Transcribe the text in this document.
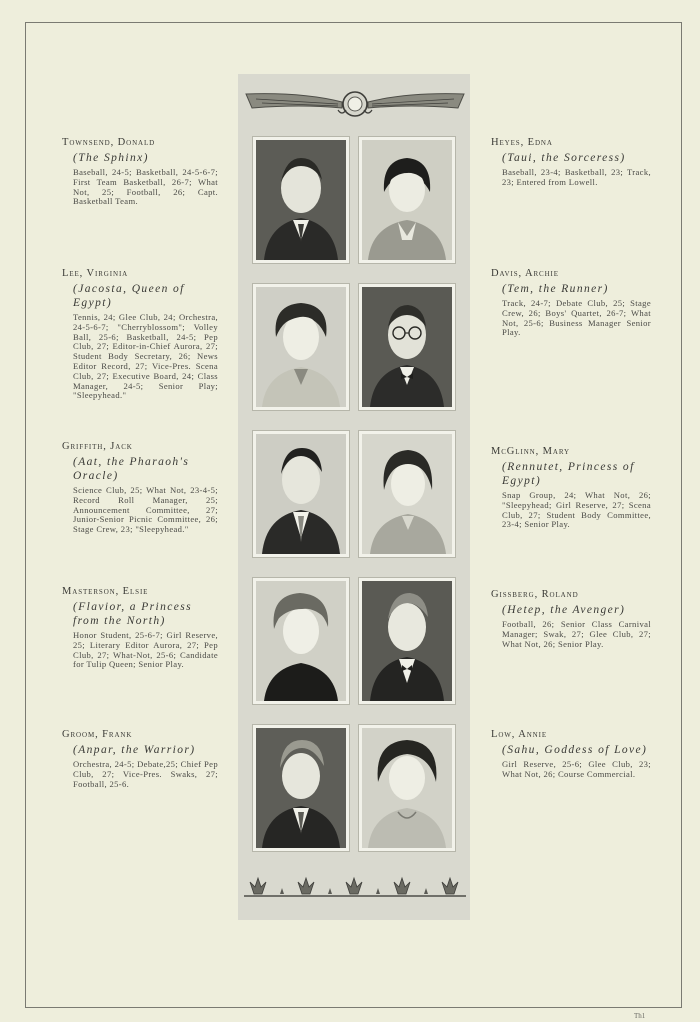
Townsend, Donald
(The Sphinx)
Baseball, 24-5; Basketball, 24-5-6-7; First Team Basketball, 26-7; What Not, 25; Football, 26; Capt. Basketball Team.
Lee, Virginia
(Jacosta, Queen of Egypt)
Tennis, 24; Glee Club, 24; Orchestra, 24-5-6-7; "Cherryblossom"; Volley Ball, 25-6; Basketball, 24-5; Pep Club, 27; Editor-in-Chief Aurora, 27; Student Body Secretary, 26; News Editor Record, 27; Vice-Pres. Scena Club, 27; Executive Board, 24; Class Manager, 24-5; Senior Play; "Sleepyhead."
Griffith, Jack
(Aat, the Pharaoh's Oracle)
Science Club, 25; What Not, 23-4-5; Record Roll Manager, 25; Announcement Committee, 27; Junior-Senior Picnic Committee, 26; Stage Crew, 23; "Sleepyhead."
Masterson, Elsie
(Flavior, a Princess from the North)
Honor Student, 25-6-7; Girl Reserve, 25; Literary Editor Aurora, 27; Pep Club, 27; What-Not, 25-6; Candidate for Tulip Queen; Senior Play.
Groom, Frank
(Anpar, the Warrior)
Orchestra, 24-5; Debate,25; Chief Pep Club, 27; Vice-Pres. Swaks, 27; Football, 25-6.
Heyes, Edna
(Taui, the Sorceress)
Baseball, 23-4; Basketball, 23; Track, 23; Entered from Lowell.
Davis, Archie
(Tem, the Runner)
Track, 24-7; Debate Club, 25; Stage Crew, 26; Boys' Quartet, 26-7; What Not, 25-6; Business Manager Senior Play.
McGlinn, Mary
(Rennutet, Princess of Egypt)
Snap Group, 24; What Not, 26; "Sleepyhead; Girl Reserve, 27; Scena Club, 27; Student Body Committee, 23-4; Senior Play.
Gissberg, Roland
(Hetep, the Avenger)
Football, 26; Senior Class Carnival Manager; Swak, 27; Glee Club, 27; What Not, 26; Senior Play.
Low, Annie
(Sahu, Goddess of Love)
Girl Reserve, 25-6; Glee Club, 23; What Not, 26; Course Commercial.
Th1
